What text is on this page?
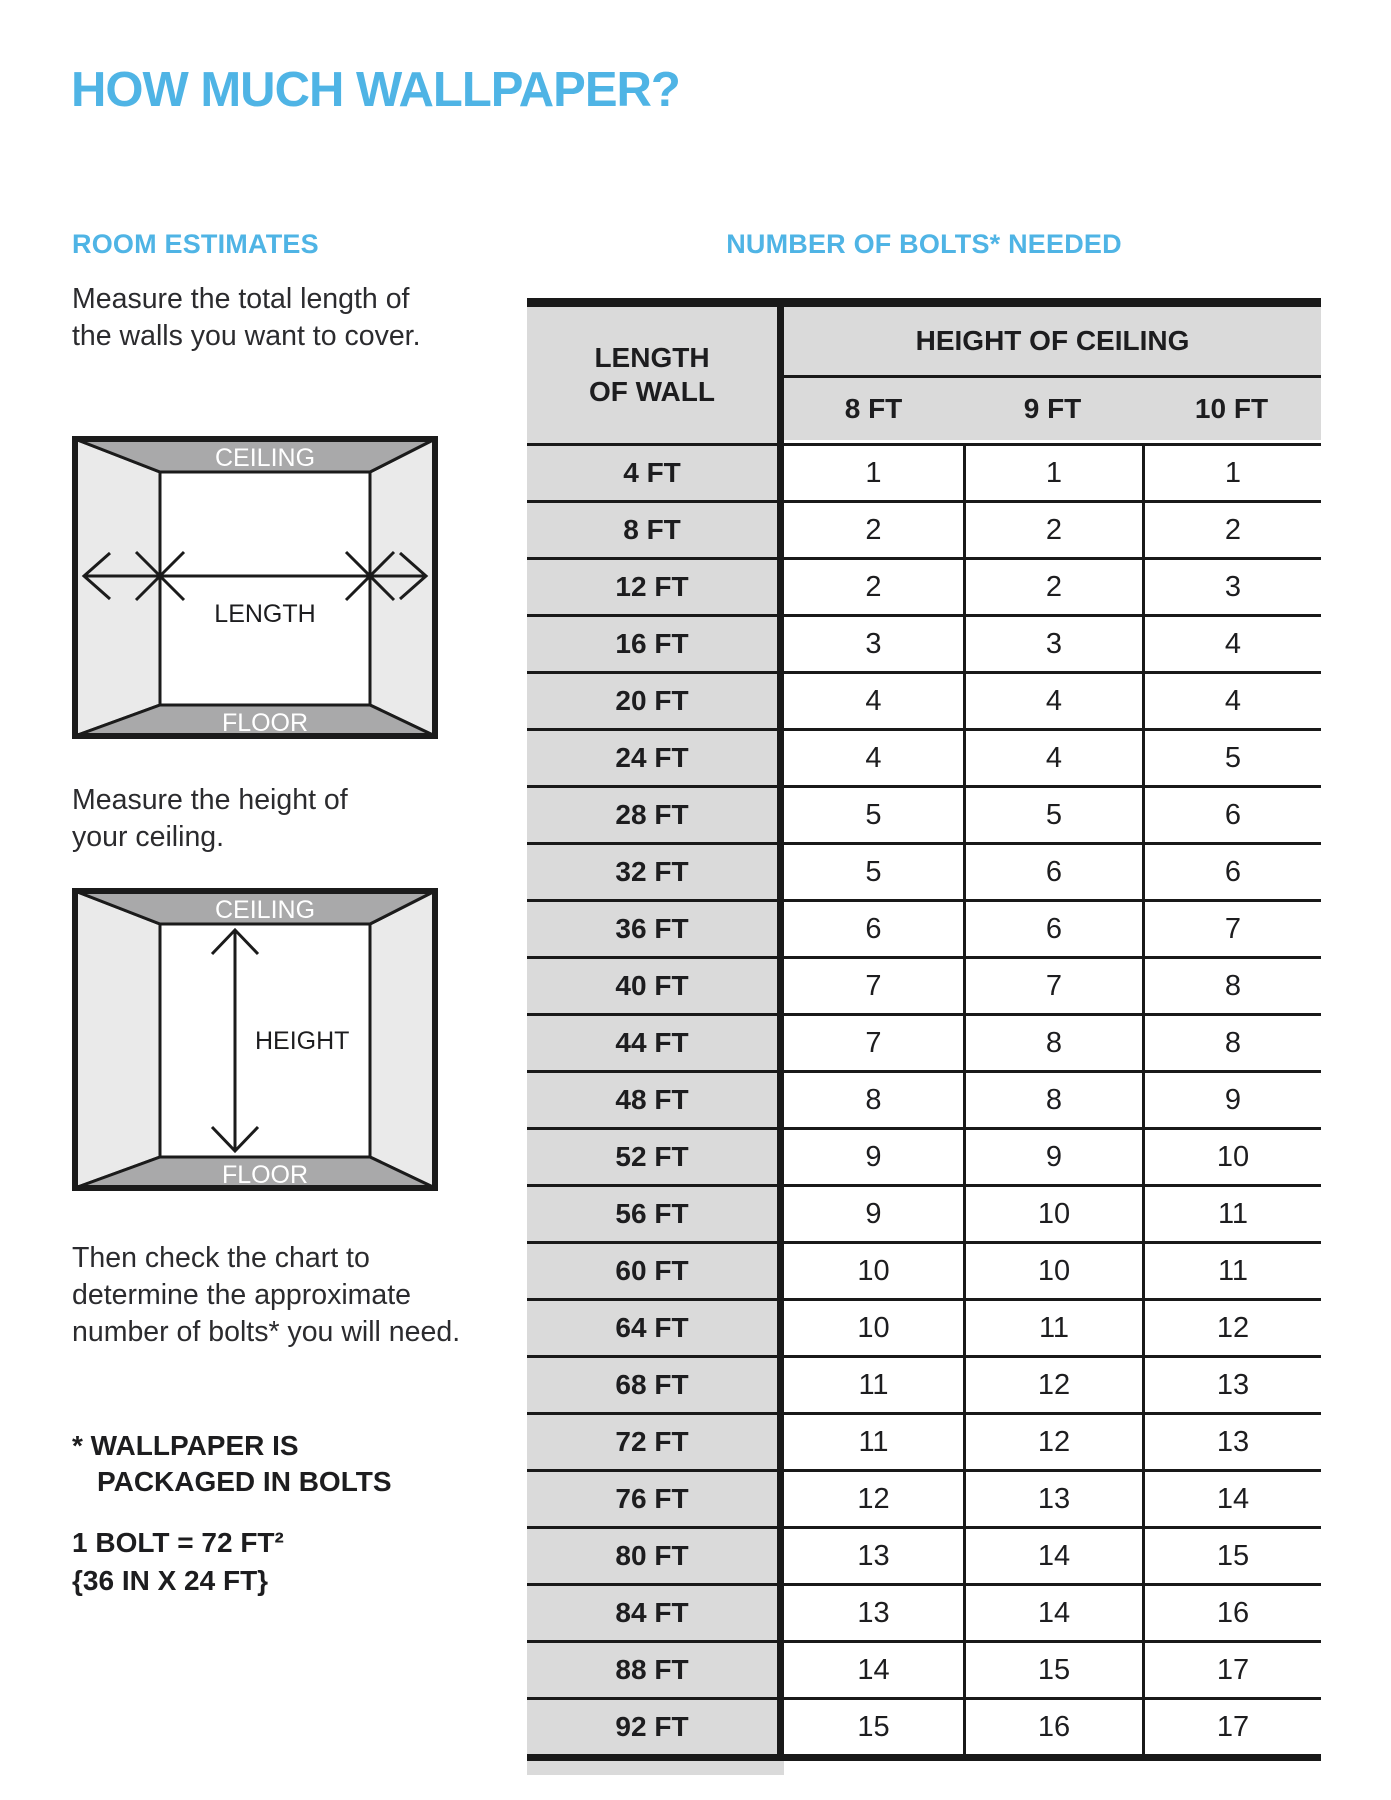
HOW MUCH WALLPAPER?
ROOM ESTIMATES	NUMBER OF BOLTS* NEEDED
Measure the total length of
the walls you want to cover.
CEILING
FLOOR
LENGTH
Measure the height of
your ceiling.
CEILING
FLOOR
HEIGHT
Then check the chart to
determine the approximate
number of bolts* you will need.
* WALLPAPER IS
PACKAGED IN BOLTS
1 BOLT = 72 FT²
{36 IN X 24 FT}
LENGTH
OF WALL
HEIGHT OF CEILING
8 FT	9 FT	10 FT
4 FT	1	1	1
8 FT	2	2	2
12 FT	2	2	3
16 FT	3	3	4
20 FT	4	4	4
24 FT	4	4	5
28 FT	5	5	6
32 FT	5	6	6
36 FT	6	6	7
40 FT	7	7	8
44 FT	7	8	8
48 FT	8	8	9
52 FT	9	9	10
56 FT	9	10	11
60 FT	10	10	11
64 FT	10	11	12
68 FT	11	12	13
72 FT	11	12	13
76 FT	12	13	14
80 FT	13	14	15
84 FT	13	14	16
88 FT	14	15	17
92 FT	15	16	17
